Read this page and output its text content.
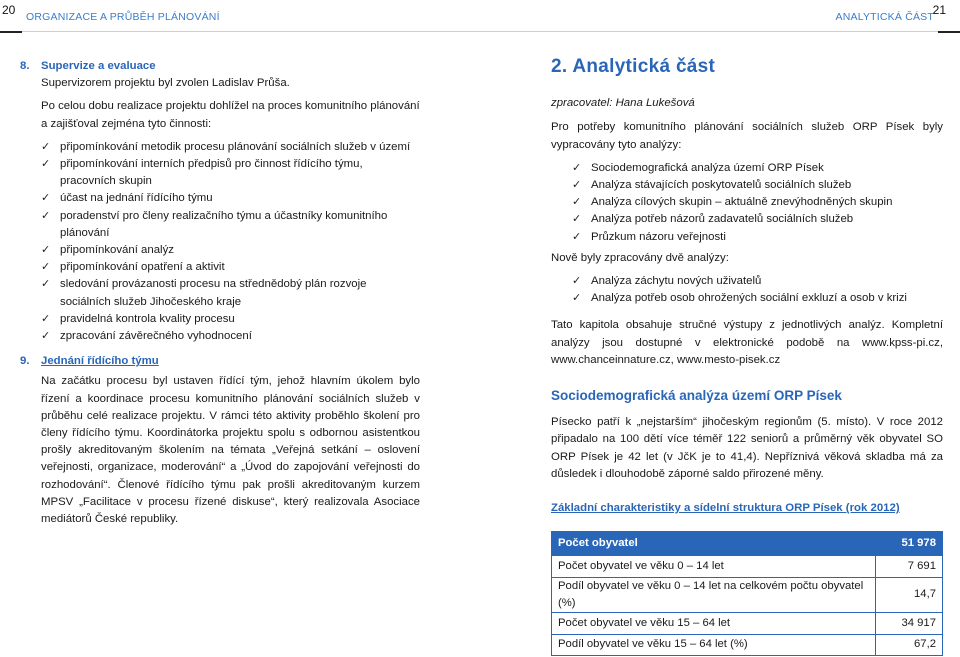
20 ORGANIZACE A PRŮBĚH PLÁNOVÁNÍ	ANALYTICKÁ ČÁST
21
8. Supervize a evaluace
Supervizorem projektu byl zvolen Ladislav Průša.
Po celou dobu realizace projektu dohlížel na proces komunitního plánování a zajišťoval zejména tyto činnosti:
✓ připomínkování metodik procesu plánování sociálních služeb v území
✓ připomínkování interních předpisů pro činnost řídícího týmu, pracovních skupin
✓ účast na jednání řídícího týmu
✓ poradenství pro členy realizačního týmu a účastníky komunitního plánování
✓ připomínkování analýz
✓ připomínkování opatření a aktivit
✓ sledování provázanosti procesu na střednědobý plán rozvoje sociálních služeb Jihočeského kraje
✓ pravidelná kontrola kvality procesu
✓ zpracování závěrečného vyhodnocení
9. Jednání řídícího týmu
Na začátku procesu byl ustaven řídící tým, jehož hlavním úkolem bylo řízení a koordinace procesu komunitního plánování sociálních služeb v průběhu celé realizace projektu. V rámci této aktivity proběhlo školení pro členy řídícího týmu. Koordinátorka projektu spolu s odbornou asistentkou prošly akreditovaným školením na témata „Veřejná setkání – oslovení veřejnosti, organizace, moderování“ a „Úvod do zapojování veřejnosti do rozhodování“. Členové řídícího týmu pak prošli akreditovaným kurzem MPSV „Facilitace v procesu řízené diskuse“, který realizovala Asociace mediátorů České republiky.
2. Analytická část
zpracovatel: Hana Lukešová
Pro potřeby komunitního plánování sociálních služeb ORP Písek byly vypracovány tyto analýzy:
✓ Sociodemografická analýza území ORP Písek
✓ Analýza stávajících poskytovatelů sociálních služeb
✓ Analýza cílových skupin – aktuálně znevýhodněných skupin
✓ Analýza potřeb názorů zadavatelů sociálních služeb
✓ Průzkum názoru veřejnosti
Nově byly zpracovány dvě analýzy:
✓ Analýza záchytu nových uživatelů
✓ Analýza potřeb osob ohrožených sociální exkluzí a osob v krizi
Tato kapitola obsahuje stručné výstupy z jednotlivých analýz. Kompletní analýzy jsou dostupné v elektronické podobě na www.kpss-pi.cz, www.chanceinnature.cz, www.mesto-pisek.cz
Sociodemografická analýza území ORP Písek
Písecko patří k „nejstarším“ jihočeským regionům (5. místo). V roce 2012 připadalo na 100 dětí více téměř 122 seniorů a průměrný věk obyvatel SO ORP Písek je 42 let (v JčK je to 41,4). Nepříznivá věková skladba má za důsledek i dlouhodobě záporné saldo přirozené měny.
Základní charakteristiky a sídelní struktura ORP Písek (rok 2012)
Počet obyvatel	51 978
Počet obyvatel ve věku 0 – 14 let	7 691
Podíl obyvatel ve věku 0 – 14 let na celkovém počtu obyvatel (%)	14,7
Počet obyvatel ve věku 15 – 64 let	34 917
Podíl obyvatel ve věku 15 – 64 let (%)	67,2
